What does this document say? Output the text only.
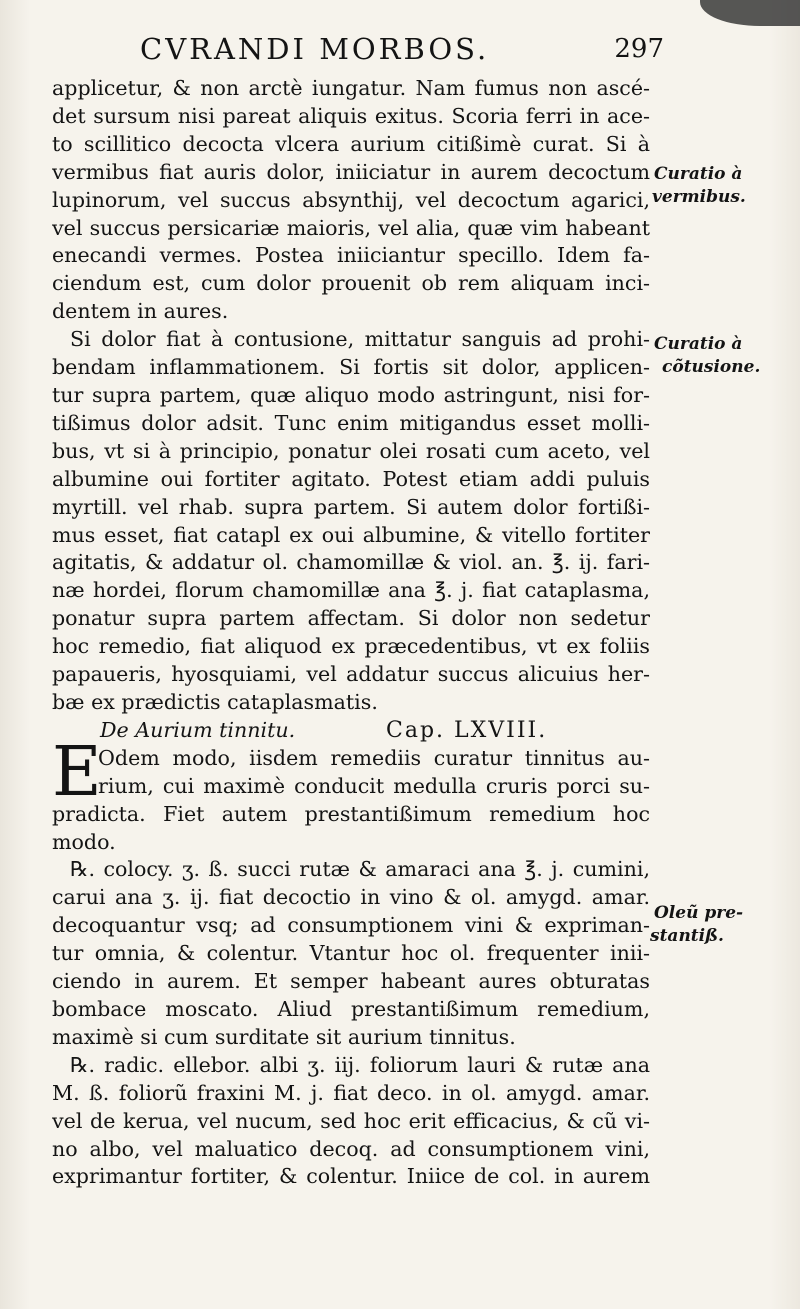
CVRANDI MORBOS.	297
applicetur, & non arctè iungatur. Nam fumus non ascé-
det sursum nisi pareat aliquis exitus. Scoria ferri in ace-
to scillitico decocta vlcera aurium citißimè curat. Si à
vermibus fiat auris dolor, iniiciatur in aurem decoctum
lupinorum, vel succus absynthij, vel decoctum agarici,
vel succus persicariæ maioris, vel alia, quæ vim habeant
enecandi vermes. Postea iniiciantur specillo. Idem fa-
ciendum est, cum dolor prouenit ob rem aliquam inci-
dentem in aures.
Si dolor fiat à contusione, mittatur sanguis ad prohi-
bendam inflammationem. Si fortis sit dolor, applicen-
tur supra partem, quæ aliquo modo astringunt, nisi for-
tißimus dolor adsit. Tunc enim mitigandus esset molli-
bus, vt si à principio, ponatur olei rosati cum aceto, vel
albumine oui fortiter agitato. Potest etiam addi puluis
myrtill. vel rhab. supra partem. Si autem dolor fortißi-
mus esset, fiat catapl ex oui albumine, & vitello fortiter
agitatis, & addatur ol. chamomillæ & viol. an. ℥. ij. fari-
næ hordei, florum chamomillæ ana ℥. j. fiat cataplasma,
ponatur supra partem affectam. Si dolor non sedetur
hoc remedio, fiat aliquod ex præcedentibus, vt ex foliis
papaueris, hyosquiami, vel addatur succus alicuius her-
bæ ex prædictis cataplasmatis.
De Aurium tinnitu.	Cap. LXVIII.
E
Odem modo, iisdem remediis curatur tinnitus au-
rium, cui maximè conducit medulla cruris porci su-
pradicta. Fiet autem prestantißimum remedium hoc
modo.
℞. colocy. ʒ. ß. succi rutæ & amaraci ana ℥. j. cumini,
carui ana ʒ. ij. fiat decoctio in vino & ol. amygd. amar.
decoquantur vsq; ad consumptionem vini & expriman-
tur omnia, & colentur. Vtantur hoc ol. frequenter inii-
ciendo in aurem. Et semper habeant aures obturatas
bombace moscato. Aliud prestantißimum remedium,
maximè si cum surditate sit aurium tinnitus.
℞. radic. ellebor. albi ʒ. iij. foliorum lauri & rutæ ana
M. ß. foliorũ fraxini M. j. fiat deco. in ol. amygd. amar.
vel de kerua, vel nucum, sed hoc erit efficacius, & cũ vi-
no albo, vel maluatico decoq. ad consumptionem vini,
exprimantur fortiter, & colentur. Iniice de col. in aurem
Curatio à
vermibus.
Curatio à
cõtusione.
Oleũ pre-
stantiß.
